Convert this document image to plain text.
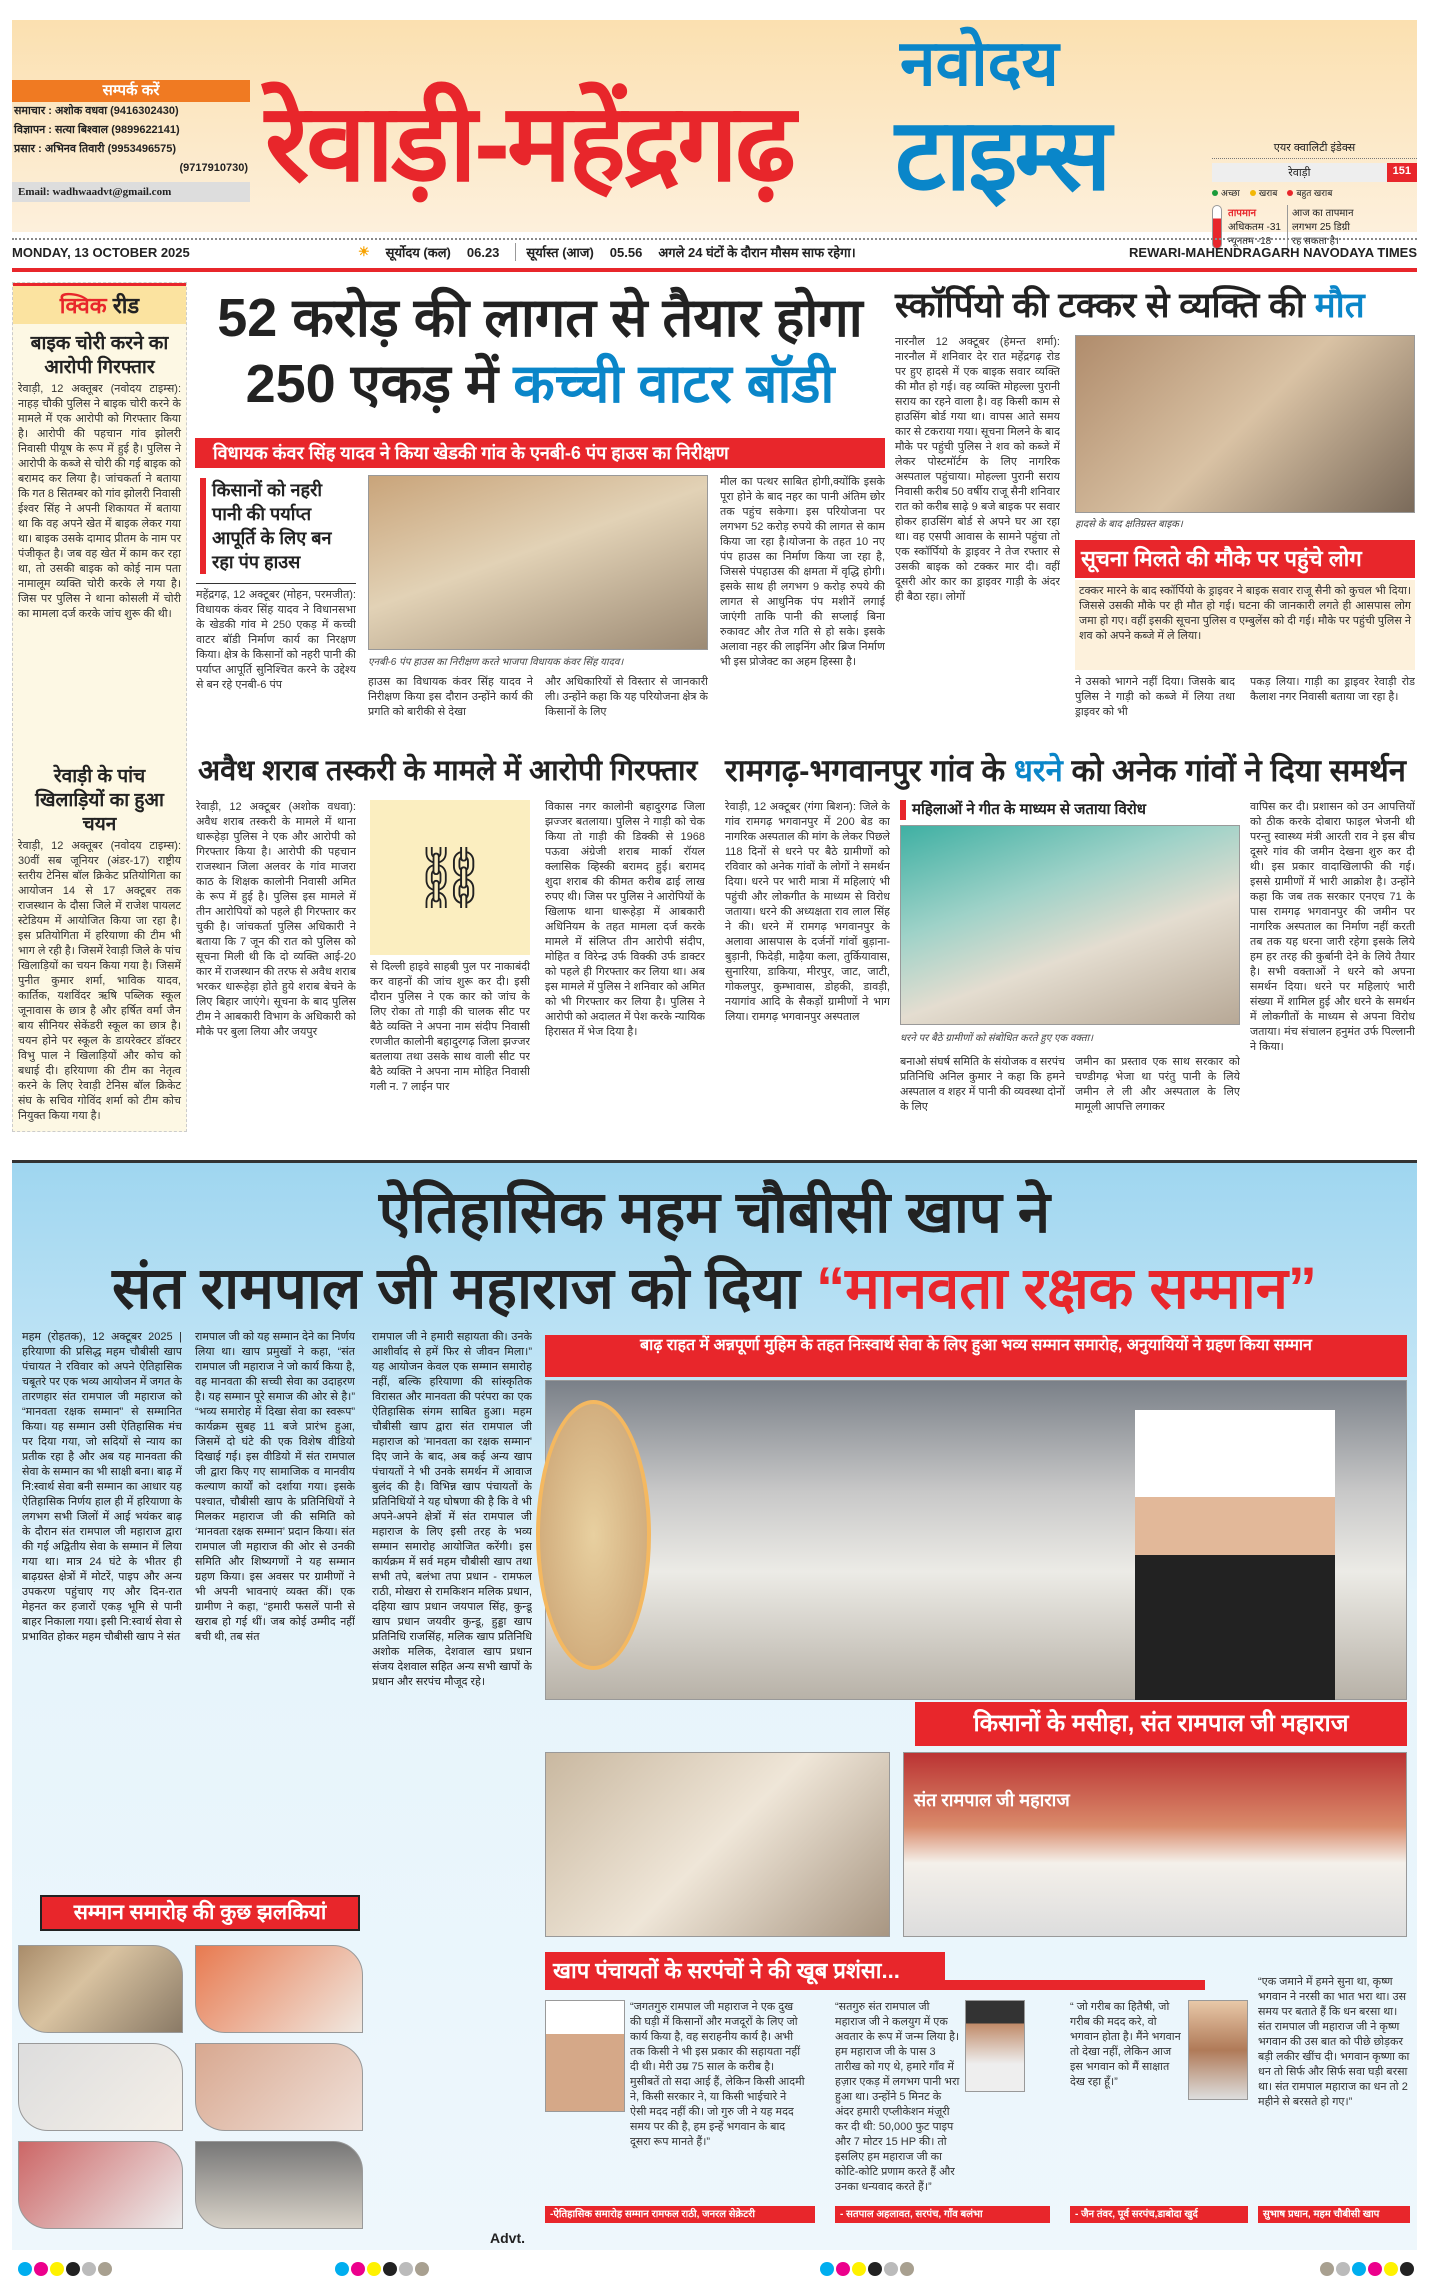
सम्पर्क करें
समाचार : अशोक वधवा (9416302430)
विज्ञापन : सत्या बिश्वाल (9899622141)
प्रसार : अभिनव तिवारी (9953496575)
(9717910730)
Email: wadhwaadvt@gmail.com रेवाड़ी-महेंद्रगढ़
नवोदय
टाइम्स	एयर क्वालिटी इंडेक्स
रेवाड़ी	151
अच्छा	खराब	बहुत खराब
तापमान
अधिकतम -31
न्यूनतम -18
आज का तापमान लगभग 25 डिग्री रह सकता है।
MONDAY, 13 OCTOBER 2025	☀ सूर्योदय (कल) 06.23	सूर्यास्त (आज) 05.56 अगले 24 घंटों के दौरान मौसम साफ रहेगा।	REWARI-MAHENDRAGARH NAVODAYA TIMES
क्विक रीड
बाइक चोरी करने का आरोपी गिरफ्तार
रेवाड़ी, 12 अक्तूबर (नवोदय टाइम्स): नाहड़ चौकी पुलिस ने बाइक चोरी करने के मामले में एक आरोपी को गिरफ्तार किया है। आरोपी की पहचान गांव झोलरी निवासी पीयूष के रूप में हुई है। पुलिस ने आरोपी के कब्जे से चोरी की गई बाइक को बरामद कर लिया है। जांचकर्ता ने बताया कि गत 8 सितम्बर को गांव झोलरी निवासी ईश्वर सिंह ने अपनी शिकायत में बताया था कि वह अपने खेत में बाइक लेकर गया था। बाइक उसके दामाद प्रीतम के नाम पर पंजीकृत है। जब वह खेत में काम कर रहा था, तो उसकी बाइक को कोई नाम पता नामालूम व्यक्ति चोरी करके ले गया है। जिस पर पुलिस ने थाना कोसली में चोरी का मामला दर्ज करके जांच शुरू की थी।
रेवाड़ी के पांच खिलाड़ियों का हुआ चयन
रेवाड़ी, 12 अक्तूबर (नवोदय टाइम्स): 30वीं सब जूनियर (अंडर-17) राष्ट्रीय स्तरीय टेनिस बॉल क्रिकेट प्रतियोगिता का आयोजन 14 से 17 अक्टूबर तक राजस्थान के दौसा जिले में राजेश पायलट स्टेडियम में आयोजित किया जा रहा है। इस प्रतियोगिता में हरियाणा की टीम भी भाग ले रही है। जिसमें रेवाड़ी जिले के पांच खिलाड़ियों का चयन किया गया है। जिसमें पुनीत कुमार शर्मा, भाविक यादव, कार्तिक, यशविंदर ऋषि पब्लिक स्कूल जूनावास के छात्र है और हर्षित वर्मा जैन बाय सीनियर सेकेंडरी स्कूल का छात्र है। चयन होने पर स्कूल के डायरेक्टर डॉक्टर विभु पाल ने खिलाड़ियों और कोच को बधाई दी। हरियाणा की टीम का नेतृत्व करने के लिए रेवाड़ी टेनिस बॉल क्रिकेट संघ के सचिव गोविंद शर्मा को टीम कोच नियुक्त किया गया है।
52 करोड़ की लागत से तैयार होगा
250 एकड़ में कच्ची वाटर बॉडी
विधायक कंवर सिंह यादव ने किया खेडकी गांव के एनबी-6 पंप हाउस का निरीक्षण
किसानों को नहरी पानी की पर्याप्त आपूर्ति के लिए बन रहा पंप हाउस
महेंद्रगढ़, 12 अक्टूबर (मोहन, परमजीत): विधायक कंवर सिंह यादव ने विधानसभा के खेडकी गांव मे 250 एकड़ में कच्ची वाटर बॉडी निर्माण कार्य का निरक्षण किया। क्षेत्र के किसानों को नहरी पानी की पर्याप्त आपूर्ति सुनिश्चित करने के उद्देश्य से बन रहे एनबी-6 पंप
एनबी-6 पंप हाउस का निरीक्षण करते भाजपा विधायक कंवर सिंह यादव।
हाउस का विधायक कंवर सिंह यादव ने निरीक्षण किया इस दौरान उन्होंने कार्य की प्रगति को बारीकी से देखा
और अधिकारियों से विस्तार से जानकारी ली। उन्होंने कहा कि यह परियोजना क्षेत्र के किसानों के लिए
मील का पत्थर साबित होगी,क्योंकि इसके पूरा होने के बाद नहर का पानी अंतिम छोर तक पहुंच सकेगा। इस परियोजना पर लगभग 52 करोड़ रुपये की लागत से काम किया जा रहा है।योजना के तहत 10 नए पंप हाउस का निर्माण किया जा रहा है, जिससे पंपहाउस की क्षमता में वृद्धि होगी। इसके साथ ही लगभग 9 करोड़ रुपये की लागत से आधुनिक पंप मशीनें लगाई जाएंगी ताकि पानी की सप्लाई बिना रुकावट और तेज गति से हो सके। इसके अलावा नहर की लाइनिंग और ब्रिज निर्माण भी इस प्रोजेक्ट का अहम हिस्सा है।
स्कॉर्पियो की टक्कर से व्यक्ति की मौत
नारनौल 12 अक्टूबर (हेमन्त शर्मा): नारनौल में शनिवार देर रात महेंद्रगढ़ रोड पर हुए हादसे में एक बाइक सवार व्यक्ति की मौत हो गई। वह व्यक्ति मोहल्ला पुरानी सराय का रहने वाला है। वह किसी काम से हाउसिंग बोर्ड गया था। वापस आते समय कार से टकराया गया। सूचना मिलने के बाद मौके पर पहुंची पुलिस ने शव को कब्जे में लेकर पोस्टमॉर्टम के लिए नागरिक अस्पताल पहुंचाया। मोहल्ला पुरानी सराय निवासी करीब 50 वर्षीय राजू सैनी शनिवार रात को करीब साढ़े 9 बजे बाइक पर सवार होकर हाउसिंग बोर्ड से अपने घर आ रहा था। वह एसपी आवास के सामने पहुंचा तो एक स्कॉर्पियो के ड्राइवर ने तेज रफ्तार से उसकी बाइक को टक्कर मार दी। वहीं दूसरी ओर कार का ड्राइवर गाड़ी के अंदर ही बैठा रहा। लोगों
हादसे के बाद क्षतिग्रस्त बाइक।
सूचना मिलते की मौके पर पहुंचे लोग
टक्कर मारने के बाद स्कॉर्पियो के ड्राइवर ने बाइक सवार राजू सैनी को कुचल भी दिया। जिससे उसकी मौके पर ही मौत हो गई। घटना की जानकारी लगते ही आसपास लोग जमा हो गए। वहीं इसकी सूचना पुलिस व एम्बुलेंस को दी गई। मौके पर पहुंची पुलिस ने शव को अपने कब्जे में ले लिया।
ने उसको भागने नहीं दिया। जिसके बाद पुलिस ने गाड़ी को कब्जे में लिया तथा ड्राइवर को भी
पकड़ लिया। गाड़ी का ड्राइवर रेवाड़ी रोड कैलाश नगर निवासी बताया जा रहा है।
अवैध शराब तस्करी के मामले में आरोपी गिरफ्तार
रेवाड़ी, 12 अक्टूबर (अशोक वधवा): अवैध शराब तस्करी के मामले में थाना धारूहेड़ा पुलिस ने एक और आरोपी को गिरफ्तार किया है। आरोपी की पहचान राजस्थान जिला अलवर के गांव माजरा काठ के शिक्षक कालोनी निवासी अमित के रूप में हुई है। पुलिस इस मामले में तीन आरोपियों को पहले ही गिरफ्तार कर चुकी है। जांचकर्ता पुलिस अधिकारी ने बताया कि 7 जून की रात को पुलिस को सूचना मिली थी कि दो व्यक्ति आई-20 कार में राजस्थान की तरफ से अवैध शराब भरकर धारूहेड़ा होते हुये शराब बेचने के लिए बिहार जाएंगे। सूचना के बाद पुलिस टीम ने आबकारी विभाग के अधिकारी को मौके पर बुला लिया और जयपुर
⛓
से दिल्ली हाइवे साहबी पुल पर नाकाबंदी कर वाहनों की जांच शुरू कर दी। इसी दौरान पुलिस ने एक कार को जांच के लिए रोका तो गाड़ी की चालक सीट पर बैठे व्यक्ति ने अपना नाम संदीप निवासी रणजीत कालोनी बहादुरगढ़ जिला झज्जर बतलाया तथा उसके साथ वाली सीट पर बैठे व्यक्ति ने अपना नाम मोहित निवासी गली न. 7 लाईन पार
विकास नगर कालोनी बहादुरगढ जिला झज्जर बतलाया। पुलिस ने गाड़ी को चेक किया तो गाड़ी की डिक्की से 1968 पऊवा अंग्रेजी शराब मार्का रॉयल क्लासिक व्हिस्की बरामद हुई। बरामद शुदा शराब की कीमत करीब ढाई लाख रुपए थी। जिस पर पुलिस ने आरोपियों के खिलाफ थाना धारूहेड़ा में आबकारी अधिनियम के तहत मामला दर्ज करके मामले में संलिप्त तीन आरोपी संदीप, मोहित व विरेन्द्र उर्फ विक्की उर्फ डाक्टर को पहले ही गिरफ्तार कर लिया था। अब इस मामले में पुलिस ने शनिवार को अमित को भी गिरफ्तार कर लिया है। पुलिस ने आरोपी को अदालत में पेश करके न्यायिक हिरासत में भेज दिया है।
रामगढ़-भगवानपुर गांव के धरने को अनेक गांवों ने दिया समर्थन
रेवाड़ी, 12 अक्टूबर (गंगा बिशन): जिले के गांव रामगढ़ भगवानपुर में 200 बेड का नागरिक अस्पताल की मांग के लेकर पिछले 118 दिनों से धरने पर बैठे ग्रामीणों को रविवार को अनेक गांवों के लोगों ने समर्थन दिया। धरने पर भारी मात्रा में महिलाएं भी पहुंची और लोकगीत के माध्यम से विरोध जताया। धरने की अध्यक्षता राव लाल सिंह ने की। धरने में रामगढ़ भगवानपुर के अलावा आसपास के दर्जनों गांवों बुड़ाना-बुड़ानी, फिदेड़ी, माढ़ैया कला, तुर्कियावास, सुनारिया, डाकिया, मीरपुर, जाट, जाटी, गोकलपुर, कुम्भावास, डोहकी, डावड़ी, नयागांव आदि के सैकड़ों ग्रामीणों ने भाग लिया। रामगढ़ भगवानपुर अस्पताल
महिलाओं ने गीत के माध्यम से जताया विरोध
धरने पर बैठे ग्रामीणों को संबोधित करते हुए एक वक्ता।
बनाओ संघर्ष समिति के संयोजक व सरपंच प्रतिनिधि अनिल कुमार ने कहा कि हमने अस्पताल व शहर में पानी की व्यवस्था दोनों के लिए
जमीन का प्रस्ताव एक साथ सरकार को चण्डीगढ़ भेजा था परंतु पानी के लिये जमीन ले ली और अस्पताल के लिए मामूली आपत्ति लगाकर
वापिस कर दी। प्रशासन को उन आपत्तियों को ठीक करके दोबारा फाइल भेजनी थी परन्तु स्वास्थ्य मंत्री आरती राव ने इस बीच दूसरे गांव की जमीन देखना शुरु कर दी थी। इस प्रकार वादाखिलाफी की गई। इससे ग्रामीणों में भारी आक्रोश है। उन्होंने कहा कि जब तक सरकार एनएच 71 के पास रामगढ़ भगवानपुर की जमीन पर नागरिक अस्पताल का निर्माण नहीं करती तब तक यह धरना जारी रहेगा इसके लिये हम हर तरह की कुर्बानी देने के लिये तैयार है। सभी वक्ताओं ने धरने को अपना समर्थन दिया। धरने पर महिलाएं भारी संख्या में शामिल हुई और धरने के समर्थन में लोकगीतों के माध्यम से अपना विरोध जताया। मंच संचालन हनुमंत उर्फ पिल्लानी ने किया।
ऐतिहासिक महम चौबीसी खाप ने
संत रामपाल जी महाराज को दिया “मानवता रक्षक सम्मान”
महम (रोहतक), 12 अक्टूबर 2025 | हरियाणा की प्रसिद्ध महम चौबीसी खाप पंचायत ने रविवार को अपने ऐतिहासिक चबूतरे पर एक भव्य आयोजन में जगत के तारणहार संत रामपाल जी महाराज को “मानवता रक्षक सम्मान” से सम्मानित किया। यह सम्मान उसी ऐतिहासिक मंच पर दिया गया, जो सदियों से न्याय का प्रतीक रहा है और अब यह मानवता की सेवा के सम्मान का भी साक्षी बना। बाढ़ में नि:स्वार्थ सेवा बनी सम्मान का आधार यह ऐतिहासिक निर्णय हाल ही में हरियाणा के लगभग सभी जिलों में आई भयंकर बाढ़ के दौरान संत रामपाल जी महाराज द्वारा की गई अद्वितीय सेवा के सम्मान में लिया गया था। मात्र 24 घंटे के भीतर ही बाढ़ग्रस्त क्षेत्रों में मोटरें, पाइप और अन्य उपकरण पहुंचाए गए और दिन-रात मेहनत कर हजारों एकड़ भूमि से पानी बाहर निकाला गया। इसी नि:स्वार्थ सेवा से प्रभावित होकर महम चौबीसी खाप ने संत
रामपाल जी को यह सम्मान देने का निर्णय लिया था। खाप प्रमुखों ने कहा, “संत रामपाल जी महाराज ने जो कार्य किया है, वह मानवता की सच्ची सेवा का उदाहरण है। यह सम्मान पूरे समाज की ओर से है।” “भव्य समारोह में दिखा सेवा का स्वरूप” कार्यक्रम सुबह 11 बजे प्रारंभ हुआ, जिसमें दो घंटे की एक विशेष वीडियो दिखाई गई। इस वीडियो में संत रामपाल जी द्वारा किए गए सामाजिक व मानवीय कल्याण कार्यों को दर्शाया गया। इसके पश्चात, चौबीसी खाप के प्रतिनिधियों ने मिलकर महाराज जी की समिति को ‘मानवता रक्षक सम्मान’ प्रदान किया। संत रामपाल जी महाराज की ओर से उनकी समिति और शिष्यगणों ने यह सम्मान ग्रहण किया। इस अवसर पर ग्रामीणों ने भी अपनी भावनाएं व्यक्त कीं। एक ग्रामीण ने कहा, “हमारी फसलें पानी से खराब हो गई थीं। जब कोई उम्मीद नहीं बची थी, तब संत
रामपाल जी ने हमारी सहायता की। उनके आशीर्वाद से हमें फिर से जीवन मिला।” यह आयोजन केवल एक सम्मान समारोह नहीं, बल्कि हरियाणा की सांस्कृतिक विरासत और मानवता की परंपरा का एक ऐतिहासिक संगम साबित हुआ। महम चौबीसी खाप द्वारा संत रामपाल जी महाराज को 'मानवता का रक्षक सम्मान' दिए जाने के बाद, अब कई अन्य खाप पंचायतों ने भी उनके समर्थन में आवाज बुलंद की है। विभिन्न खाप पंचायतों के प्रतिनिधियों ने यह घोषणा की है कि वे भी अपने-अपने क्षेत्रों में संत रामपाल जी महाराज के लिए इसी तरह के भव्य सम्मान समारोह आयोजित करेंगी। इस कार्यक्रम में सर्व महम चौबीसी खाप तथा सभी तपे, बलंभा तपा प्रधान - रामफल राठी, मोखरा से रामकिशन मलिक प्रधान, दहिया खाप प्रधान जयपाल सिंह, कुन्डू खाप प्रधान जयवीर कुन्डू, हुड्डा खाप प्रतिनिधि राजसिंह, मलिक खाप प्रतिनिधि अशोक मलिक, देशवाल खाप प्रधान संजय देशवाल सहित अन्य सभी खापों के प्रधान और सरपंच मौजूद रहे।
बाढ़ राहत में अन्नपूर्णा मुहिम के तहत निःस्वार्थ सेवा के लिए हुआ भव्य सम्मान समारोह, अनुयायियों ने ग्रहण किया सम्मान
किसानों के मसीहा, संत रामपाल जी महाराज
संत रामपाल जी महाराज
सम्मान समारोह की कुछ झलकियां
Advt.
खाप पंचायतों के सरपंचों ने की खूब प्रशंसा...
“जगतगुरु रामपाल जी महाराज ने एक दुख की घड़ी में किसानों और मजदूरों के लिए जो कार्य किया है, वह सराहनीय कार्य है। अभी तक किसी ने भी इस प्रकार की सहायता नहीं दी थी। मेरी उम्र 75 साल के करीब है। मुसीबतें तो सदा आई हैं, लेकिन किसी आदमी ने, किसी सरकार ने, या किसी भाईचारे ने ऐसी मदद नहीं की। जो गुरु जी ने यह मदद समय पर की है, हम इन्हें भगवान के बाद दूसरा रूप मानते हैं।”
-ऐतिहासिक समारोह सम्मान रामफल राठी, जनरल सेक्रेटरी
“सतगुरु संत रामपाल जी महाराज जी ने कलयुग में एक अवतार के रूप में जन्म लिया है। हम महाराज जी के पास 3 तारीख को गए थे, हमारे गाँव में हज़ार एकड़ में लगभग पानी भरा हुआ था। उन्होंने 5 मिनट के अंदर हमारी एप्लीकेशन मंज़ूरी कर दी थी: 50,000 फुट पाइप और 7 मोटर 15 HP की। तो इसलिए हम महाराज जी का कोटि-कोटि प्रणाम करते हैं और उनका धन्यवाद करते हैं।”
- सतपाल अहलावत, सरपंच, गाँव बलंभा
“ जो गरीब का हितैषी, जो गरीब की मदद करे, वो भगवान होता है। मैंने भगवान तो देखा नहीं, लेकिन आज इस भगवान को मैं साक्षात देख रहा हूँ।”
- जैन तंवर, पूर्व सरपंच,डाबोदा खुर्द
“एक जमाने में हमने सुना था, कृष्ण भगवान ने नरसी का भात भरा था। उस समय पर बताते हैं कि धन बरसा था। संत रामपाल जी महाराज जी ने कृष्ण भगवान की उस बात को पीछे छोड़कर बड़ी लकीर खींच दी। भगवान कृष्णा का धन तो सिर्फ और सिर्फ सवा घड़ी बरसा था। संत रामपाल महाराज का धन तो 2 महीने से बरसते हो गए।”
सुभाष प्रधान, महम चौबीसी खाप
